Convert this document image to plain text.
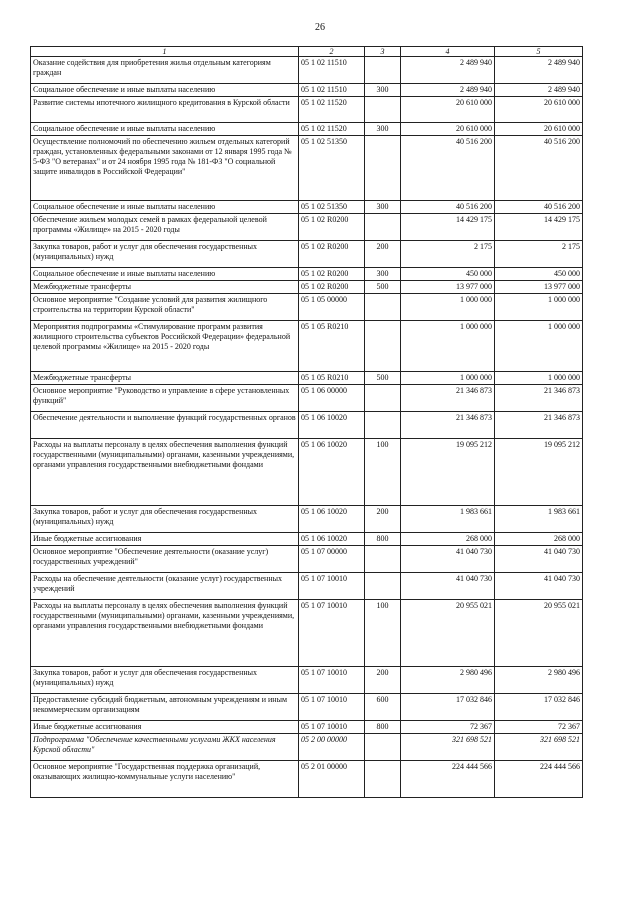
26
1	2	3	4	5
Оказание содействия для приобретения жилья отдельным категориям граждан	05 1 02 11510		2 489 940	2 489 940
Социальное обеспечение и иные выплаты населению	05 1 02 11510	300	2 489 940	2 489 940
Развитие системы ипотечного жилищного кредитования в Курской области	05 1 02 11520		20 610 000	20 610 000
Социальное обеспечение и иные выплаты населению	05 1 02 11520	300	20 610 000	20 610 000
Осуществление полномочий по обеспечению жильем отдельных категорий граждан, установленных федеральными законами от 12 января 1995 года № 5-ФЗ "О ветеранах" и от 24 ноября 1995 года № 181-ФЗ "О социальной защите инвалидов в Российской Федерации"	05 1 02 51350		40 516 200	40 516 200
Социальное обеспечение и иные выплаты населению	05 1 02 51350	300	40 516 200	40 516 200
Обеспечение жильем молодых семей в рамках федеральной целевой программы «Жилище» на 2015 - 2020 годы	05 1 02 R0200		14 429 175	14 429 175
Закупка товаров, работ и услуг для обеспечения государственных (муниципальных) нужд	05 1 02 R0200	200	2 175	2 175
Социальное обеспечение и иные выплаты населению	05 1 02 R0200	300	450 000	450 000
Межбюджетные трансферты	05 1 02 R0200	500	13 977 000	13 977 000
Основное мероприятие "Создание условий для развития жилищного строительства на территории Курской области"	05 1 05 00000		1 000 000	1 000 000
Мероприятия подпрограммы «Стимулирование программ развития жилищного строительства субъектов Российской Федерации» федеральной целевой программы «Жилище» на 2015 - 2020 годы	05 1 05 R0210		1 000 000	1 000 000
Межбюджетные трансферты	05 1 05 R0210	500	1 000 000	1 000 000
Основное мероприятие "Руководство и управление в сфере установленных функций"	05 1 06 00000		21 346 873	21 346 873
Обеспечение деятельности и выполнение функций государственных органов	05 1 06 10020		21 346 873	21 346 873
Расходы на выплаты персоналу в целях обеспечения выполнения функций государственными (муниципальными) органами, казенными учреждениями, органами управления государственными внебюджетными фондами	05 1 06 10020	100	19 095 212	19 095 212
Закупка товаров, работ и услуг для обеспечения государственных (муниципальных) нужд	05 1 06 10020	200	1 983 661	1 983 661
Иные бюджетные ассигнования	05 1 06 10020	800	268 000	268 000
Основное мероприятие "Обеспечение деятельности (оказание услуг) государственных учреждений"	05 1 07 00000		41 040 730	41 040 730
Расходы на обеспечение деятельности (оказание услуг) государственных учреждений	05 1 07 10010		41 040 730	41 040 730
Расходы на выплаты персоналу в целях обеспечения выполнения функций государственными (муниципальными) органами, казенными учреждениями, органами управления государственными внебюджетными фондами	05 1 07 10010	100	20 955 021	20 955 021
Закупка товаров, работ и услуг для обеспечения государственных (муниципальных) нужд	05 1 07 10010	200	2 980 496	2 980 496
Предоставление субсидий бюджетным, автономным учреждениям и иным некоммерческим организациям	05 1 07 10010	600	17 032 846	17 032 846
Иные бюджетные ассигнования	05 1 07 10010	800	72 367	72 367
Подпрограмма "Обеспечение качественными услугами ЖКХ населения Курской области"	05 2 00 00000		321 698 521	321 698 521
Основное мероприятие "Государственная поддержка организаций, оказывающих жилищно-коммунальные услуги населению"	05 2 01 00000		224 444 566	224 444 566
